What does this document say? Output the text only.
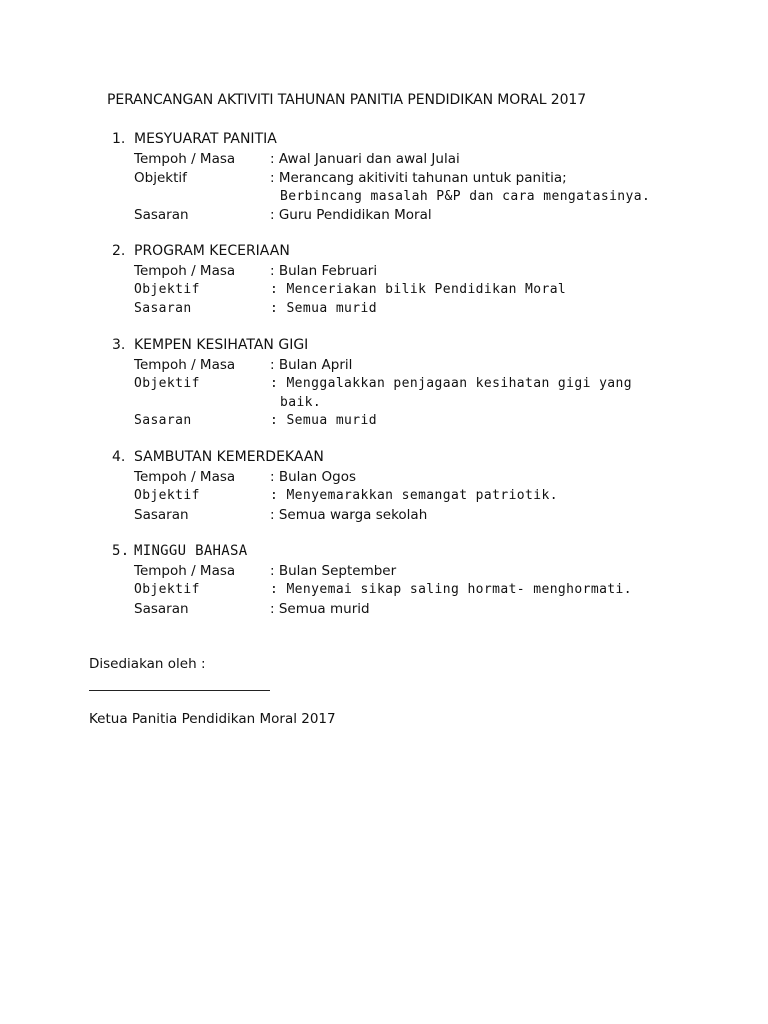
PERANCANGAN AKTIVITI TAHUNAN PANITIA PENDIDIKAN MORAL 2017
1. MESYUARAT PANITIA
Tempoh / Masa	: Awal Januari dan awal Julai
Objektif	: Merancang akitiviti tahunan untuk panitia;
Berbincang masalah P&P dan cara mengatasinya.
Sasaran	: Guru Pendidikan Moral
2. PROGRAM KECERIAAN
Tempoh / Masa	: Bulan Februari
Objektif	: Menceriakan bilik Pendidikan Moral
Sasaran	: Semua murid
3. KEMPEN KESIHATAN GIGI
Tempoh / Masa	: Bulan April
Objektif	: Menggalakkan penjagaan kesihatan gigi yang
baik.
Sasaran	: Semua murid
4. SAMBUTAN KEMERDEKAAN
Tempoh / Masa	: Bulan Ogos
Objektif	: Menyemarakkan semangat patriotik.
Sasaran	: Semua warga sekolah
5. MINGGU BAHASA
Tempoh / Masa	: Bulan September
Objektif	: Menyemai sikap saling hormat- menghormati.
Sasaran	: Semua murid
Disediakan oleh :
Ketua Panitia Pendidikan Moral 2017
